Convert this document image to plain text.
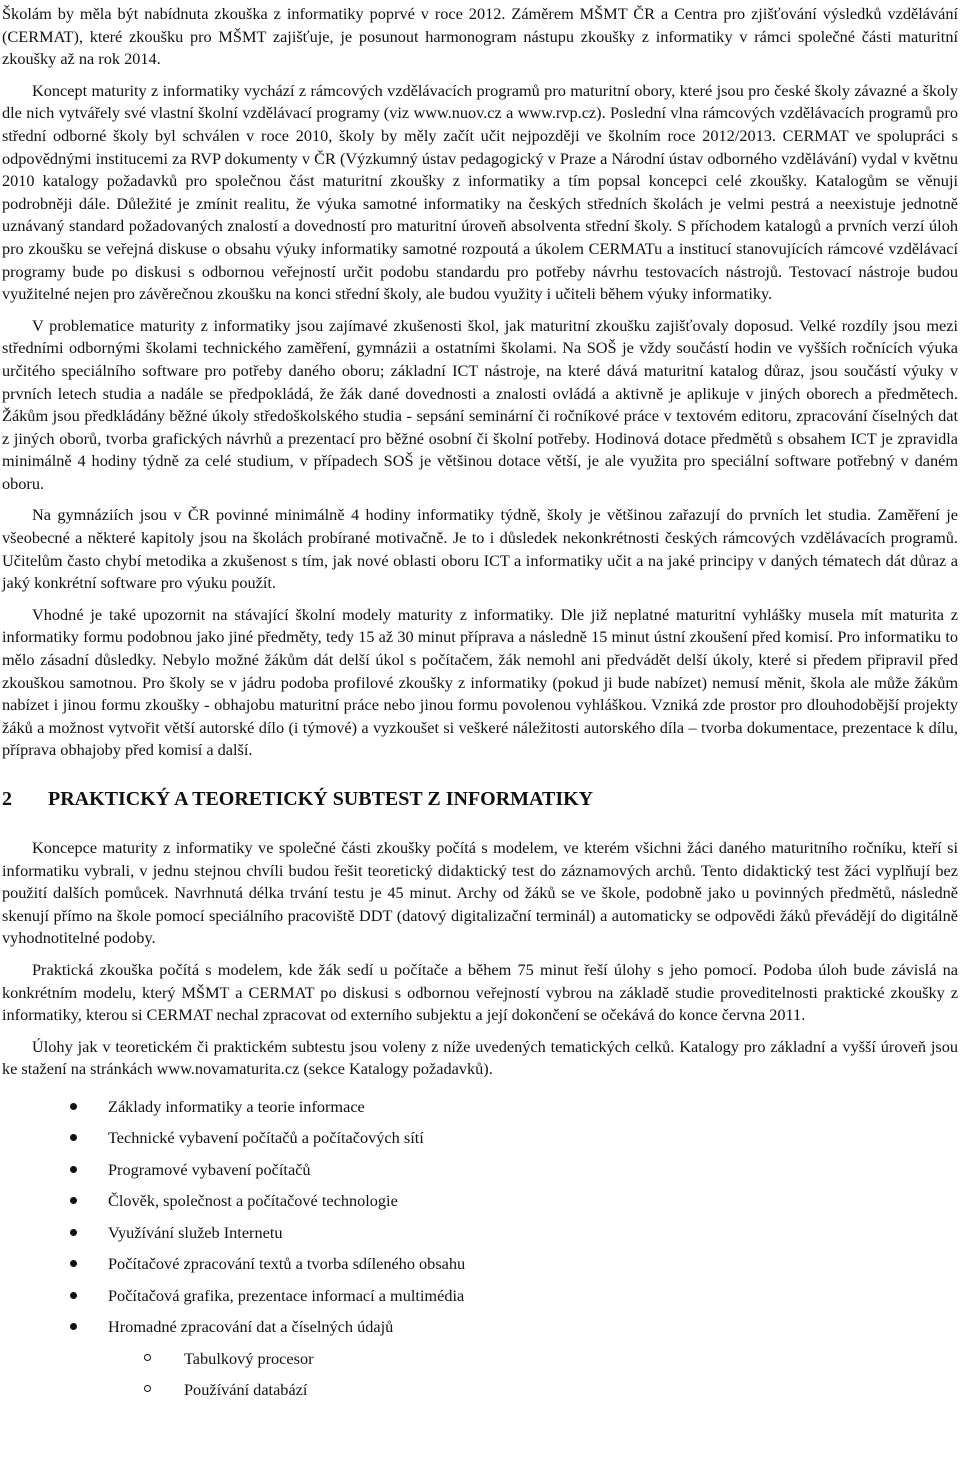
Školám by měla být nabídnuta zkouška z informatiky poprvé v roce 2012. Záměrem MŠMT ČR a Centra pro zjišťování výsledků vzdělávání (CERMAT), které zkoušku pro MŠMT zajišťuje, je posunout harmonogram nástupu zkoušky z informatiky v rámci společné části maturitní zkoušky až na rok 2014.

Koncept maturity z informatiky vychází z rámcových vzdělávacích programů pro maturitní obory, které jsou pro české školy závazné a školy dle nich vytvářely své vlastní školní vzdělávací programy (viz www.nuov.cz a www.rvp.cz). Poslední vlna rámcových vzdělávacích programů pro střední odborné školy byl schválen v roce 2010, školy by měly začít učit nejpozději ve školním roce 2012/2013. CERMAT ve spolupráci s odpovědnými institucemi za RVP dokumenty v ČR (Výzkumný ústav pedagogický v Praze a Národní ústav odborného vzdělávání) vydal v květnu 2010 katalogy požadavků pro společnou část maturitní zkoušky z informatiky a tím popsal koncepci celé zkoušky. Katalogům se věnuji podrobněji dále. Důležité je zmínit realitu, že výuka samotné informatiky na českých středních školách je velmi pestrá a neexistuje jednotně uznávaný standard požadovaných znalostí a dovedností pro maturitní úroveň absolventa střední školy. S příchodem katalogů a prvních verzí úloh pro zkoušku se veřejná diskuse o obsahu výuky informatiky samotné rozpoutá a úkolem CERMATu a institucí stanovujících rámcové vzdělávací programy bude po diskusi s odbornou veřejností určit podobu standardu pro potřeby návrhu testovacích nástrojů. Testovací nástroje budou využitelné nejen pro závěrečnou zkoušku na konci střední školy, ale budou využity i učiteli během výuky informatiky.

V problematice maturity z informatiky jsou zajímavé zkušenosti škol, jak maturitní zkoušku zajišťovaly doposud. Velké rozdíly jsou mezi středními odbornými školami technického zaměření, gymnázii a ostatními školami. Na SOŠ je vždy součástí hodin ve vyšších ročnících výuka určitého speciálního software pro potřeby daného oboru; základní ICT nástroje, na které dává maturitní katalog důraz, jsou součástí výuky v prvních letech studia a nadále se předpokládá, že žák dané dovednosti a znalosti ovládá a aktivně je aplikuje v jiných oborech a předmětech. Žákům jsou předkládány běžné úkoly středoškolského studia - sepsání seminární či ročníkové práce v textovém editoru, zpracování číselných dat z jiných oborů, tvorba grafických návrhů a prezentací pro běžné osobní či školní potřeby. Hodinová dotace předmětů s obsahem ICT je zpravidla minimálně 4 hodiny týdně za celé studium, v případech SOŠ je většinou dotace větší, je ale využita pro speciální software potřebný v daném oboru.

Na gymnáziích jsou v ČR povinné minimálně 4 hodiny informatiky týdně, školy je většinou zařazují do prvních let studia. Zaměření je všeobecné a některé kapitoly jsou na školách probírané motivačně. Je to i důsledek nekonkrétnosti českých rámcových vzdělávacích programů. Učitelům často chybí metodika a zkušenost s tím, jak nové oblasti oboru ICT a informatiky učit a na jaké principy v daných tématech dát důraz a jaký konkrétní software pro výuku použít.

Vhodné je také upozornit na stávající školní modely maturity z informatiky. Dle již neplatné maturitní vyhlášky musela mít maturita z informatiky formu podobnou jako jiné předměty, tedy 15 až 30 minut příprava a následně 15 minut ústní zkoušení před komisí. Pro informatiku to mělo zásadní důsledky. Nebylo možné žákům dát delší úkol s počítačem, žák nemohl ani předvádět delší úkoly, které si předem připravil před zkouškou samotnou. Pro školy se v jádru podoba profilové zkoušky z informatiky (pokud ji bude nabízet) nemusí měnit, škola ale může žákům nabízet i jinou formu zkoušky - obhajobu maturitní práce nebo jinou formu povolenou vyhláškou. Vzniká zde prostor pro dlouhodobější projekty žáků a možnost vytvořit větší autorské dílo (i týmové) a vyzkoušet si veškeré náležitosti autorského díla – tvorba dokumentace, prezentace k dílu, příprava obhajoby před komisí a další.

2	PRAKTICKÝ A TEORETICKÝ SUBTEST Z INFORMATIKY

Koncepce maturity z informatiky ve společné části zkoušky počítá s modelem, ve kterém všichni žáci daného maturitního ročníku, kteří si informatiku vybrali, v jednu stejnou chvíli budou řešit teoretický didaktický test do záznamových archů. Tento didaktický test žáci vyplňují bez použití dalších pomůcek. Navrhnutá délka trvání testu je 45 minut. Archy od žáků se ve škole, podobně jako u povinných předmětů, následně skenují přímo na škole pomocí speciálního pracoviště DDT (datový digitalizační terminál) a automaticky se odpovědi žáků převádějí do digitálně vyhodnotitelné podoby.

Praktická zkouška počítá s modelem, kde žák sedí u počítače a během 75 minut řeší úlohy s jeho pomocí. Podoba úloh bude závislá na konkrétním modelu, který MŠMT a CERMAT po diskusi s odbornou veřejností vybrou na základě studie proveditelnosti praktické zkoušky z informatiky, kterou si CERMAT nechal zpracovat od externího subjektu a její dokončení se očekává do konce června 2011.

Úlohy jak v teoretickém či praktickém subtestu jsou voleny z níže uvedených tematických celků. Katalogy pro základní a vyšší úroveň jsou ke stažení na stránkách www.novamaturita.cz (sekce Katalogy požadavků).

Základy informatiky a teorie informace
Technické vybavení počítačů a počítačových sítí
Programové vybavení počítačů
Člověk, společnost a počítačové technologie
Využívání služeb Internetu
Počítačové zpracování textů a tvorba sdíleného obsahu
Počítačová grafika, prezentace informací a multimédia
Hromadné zpracování dat a číselných údajů
Tabulkový procesor
Používání databází
